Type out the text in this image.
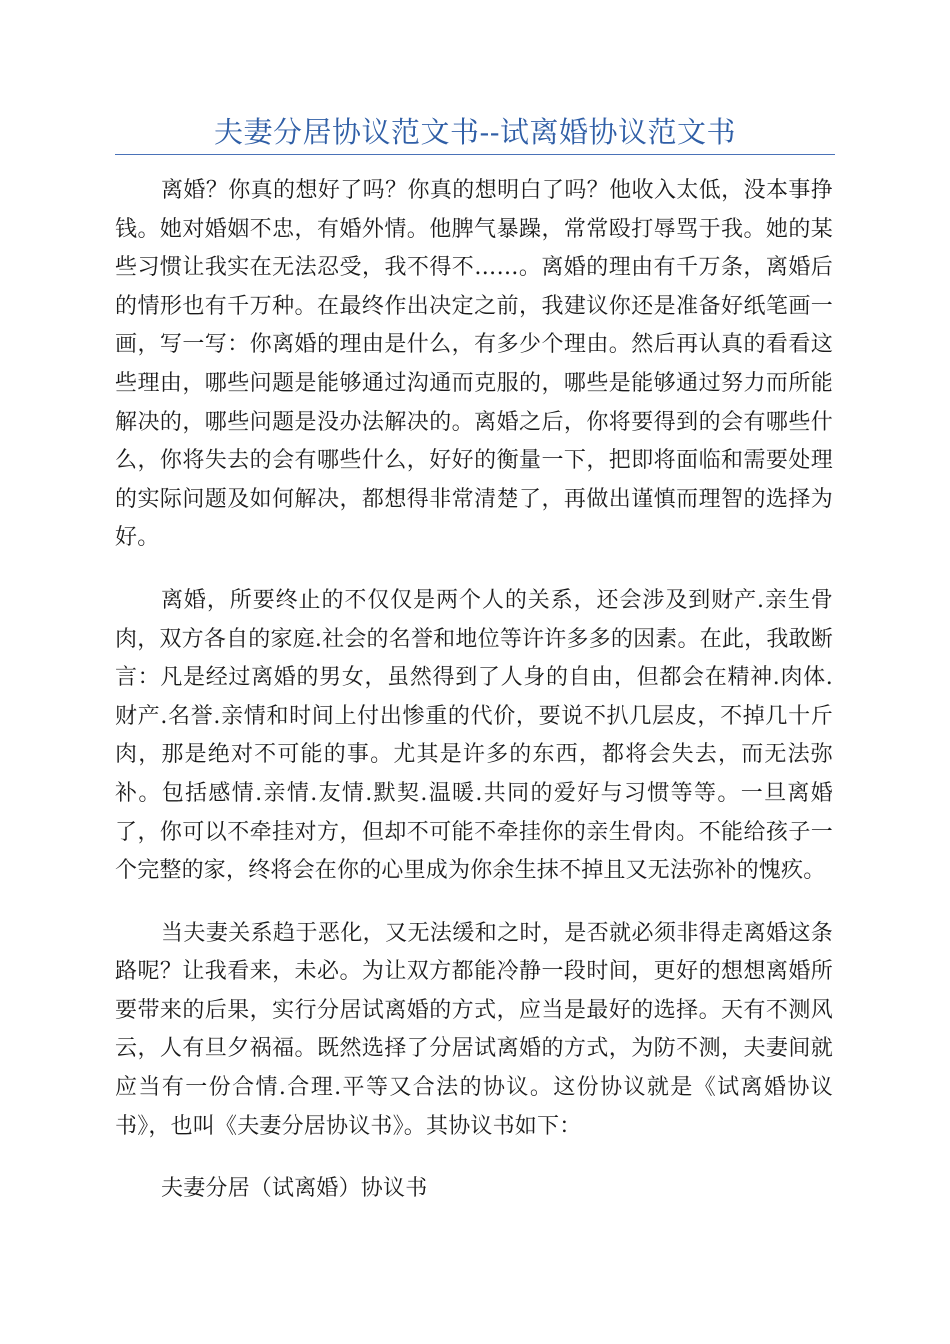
夫妻分居协议范文书--试离婚协议范文书

离婚？你真的想好了吗？你真的想明白了吗？他收入太低，没本事挣钱。她对婚姻不忠，有婚外情。他脾气暴躁，常常殴打辱骂于我。她的某些习惯让我实在无法忍受，我不得不……。离婚的理由有千万条，离婚后的情形也有千万种。在最终作出决定之前，我建议你还是准备好纸笔画一画，写一写：你离婚的理由是什么，有多少个理由。然后再认真的看看这些理由，哪些问题是能够通过沟通而克服的，哪些是能够通过努力而所能解决的，哪些问题是没办法解决的。离婚之后，你将要得到的会有哪些什么，你将失去的会有哪些什么，好好的衡量一下，把即将面临和需要处理的实际问题及如何解决，都想得非常清楚了，再做出谨慎而理智的选择为好。

离婚，所要终止的不仅仅是两个人的关系，还会涉及到财产.亲生骨肉，双方各自的家庭.社会的名誉和地位等许许多多的因素。在此，我敢断言：凡是经过离婚的男女，虽然得到了人身的自由，但都会在精神.肉体.财产.名誉.亲情和时间上付出惨重的代价，要说不扒几层皮，不掉几十斤肉，那是绝对不可能的事。尤其是许多的东西，都将会失去，而无法弥补。包括感情.亲情.友情.默契.温暖.共同的爱好与习惯等等。一旦离婚了，你可以不牵挂对方，但却不可能不牵挂你的亲生骨肉。不能给孩子一个完整的家，终将会在你的心里成为你余生抹不掉且又无法弥补的愧疚。

当夫妻关系趋于恶化，又无法缓和之时，是否就必须非得走离婚这条路呢？让我看来，未必。为让双方都能冷静一段时间，更好的想想离婚所要带来的后果，实行分居试离婚的方式，应当是最好的选择。天有不测风云，人有旦夕祸福。既然选择了分居试离婚的方式，为防不测，夫妻间就应当有一份合情.合理.平等又合法的协议。这份协议就是《试离婚协议书》，也叫《夫妻分居协议书》。其协议书如下：

夫妻分居（试离婚）协议书
